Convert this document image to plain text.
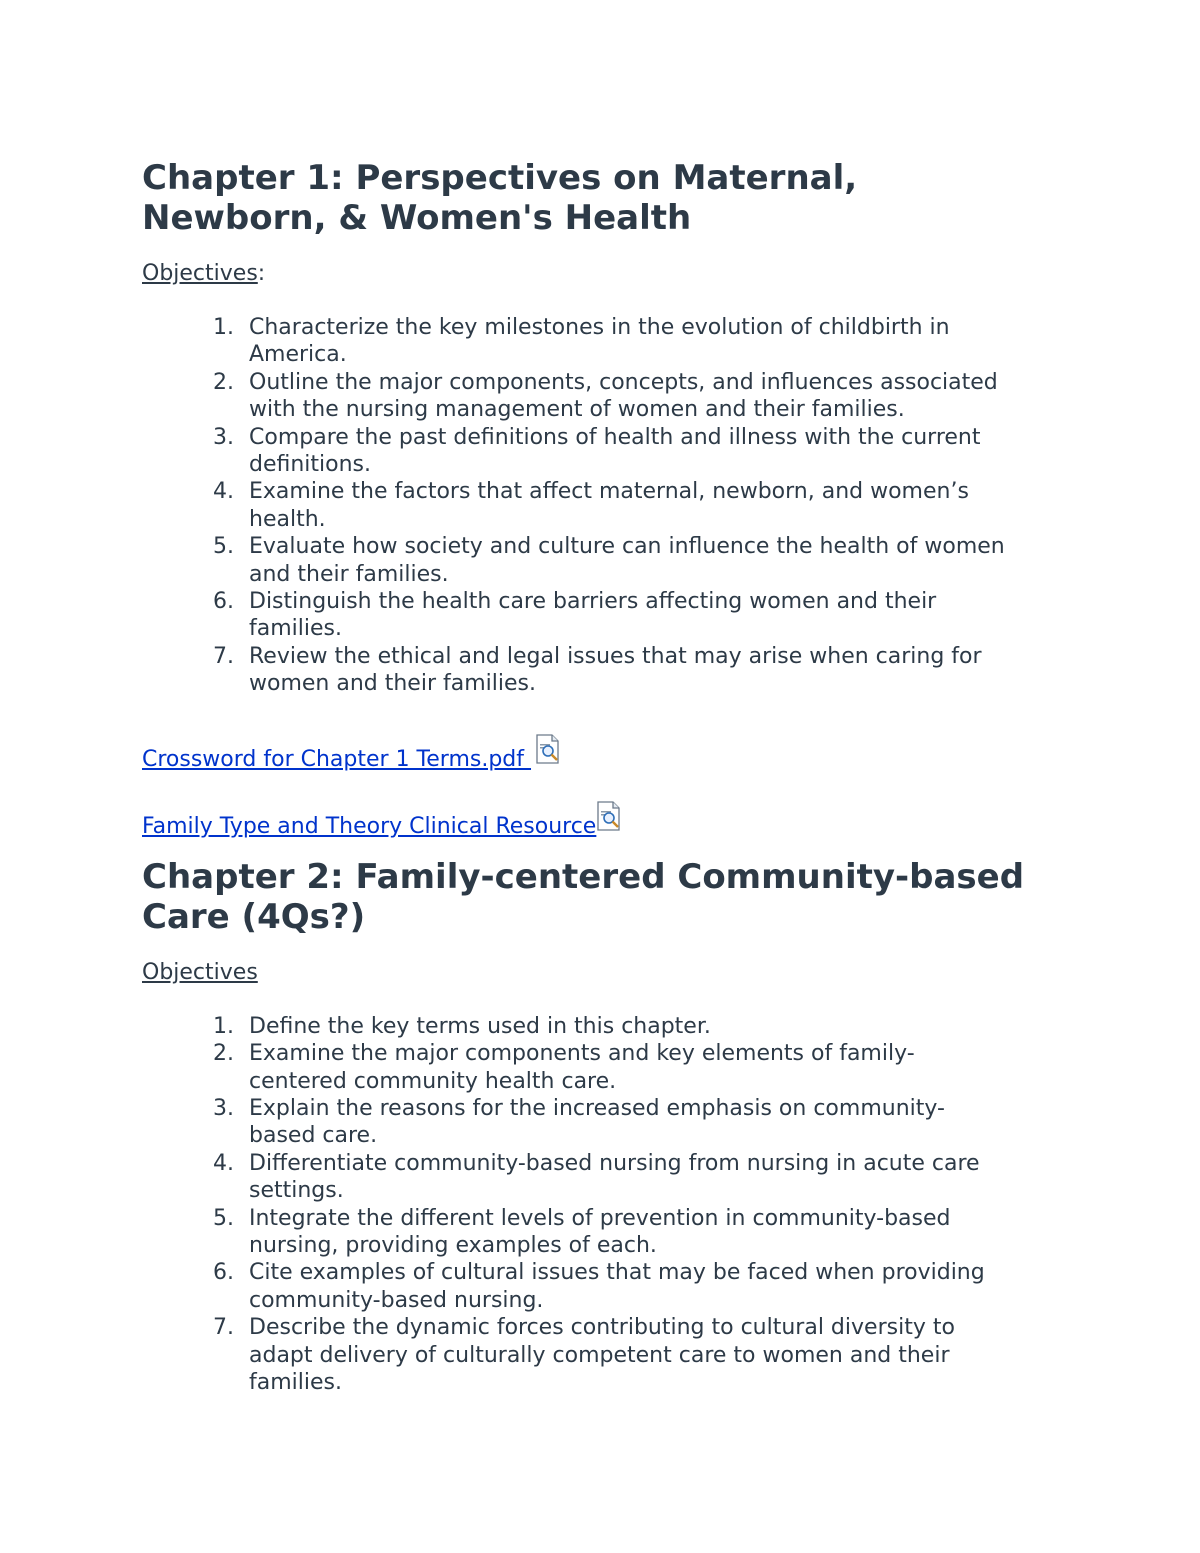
Chapter 1: Perspectives on Maternal,
Newborn, & Women's Health

Objectives:

1. Characterize the key milestones in the evolution of childbirth in
America.
2. Outline the major components, concepts, and influences associated
with the nursing management of women and their families.
3. Compare the past definitions of health and illness with the current
definitions.
4. Examine the factors that affect maternal, newborn, and women’s
health.
5. Evaluate how society and culture can influence the health of women
and their families.
6. Distinguish the health care barriers affecting women and their
families.
7. Review the ethical and legal issues that may arise when caring for
women and their families.

Crossword for Chapter 1 Terms.pdf

Family Type and Theory Clinical Resource

Chapter 2: Family-centered Community-based
Care (4Qs?)

Objectives

1. Define the key terms used in this chapter.
2. Examine the major components and key elements of family-
centered community health care.
3. Explain the reasons for the increased emphasis on community-
based care.
4. Differentiate community-based nursing from nursing in acute care
settings.
5. Integrate the different levels of prevention in community-based
nursing, providing examples of each.
6. Cite examples of cultural issues that may be faced when providing
community-based nursing.
7. Describe the dynamic forces contributing to cultural diversity to
adapt delivery of culturally competent care to women and their
families.
